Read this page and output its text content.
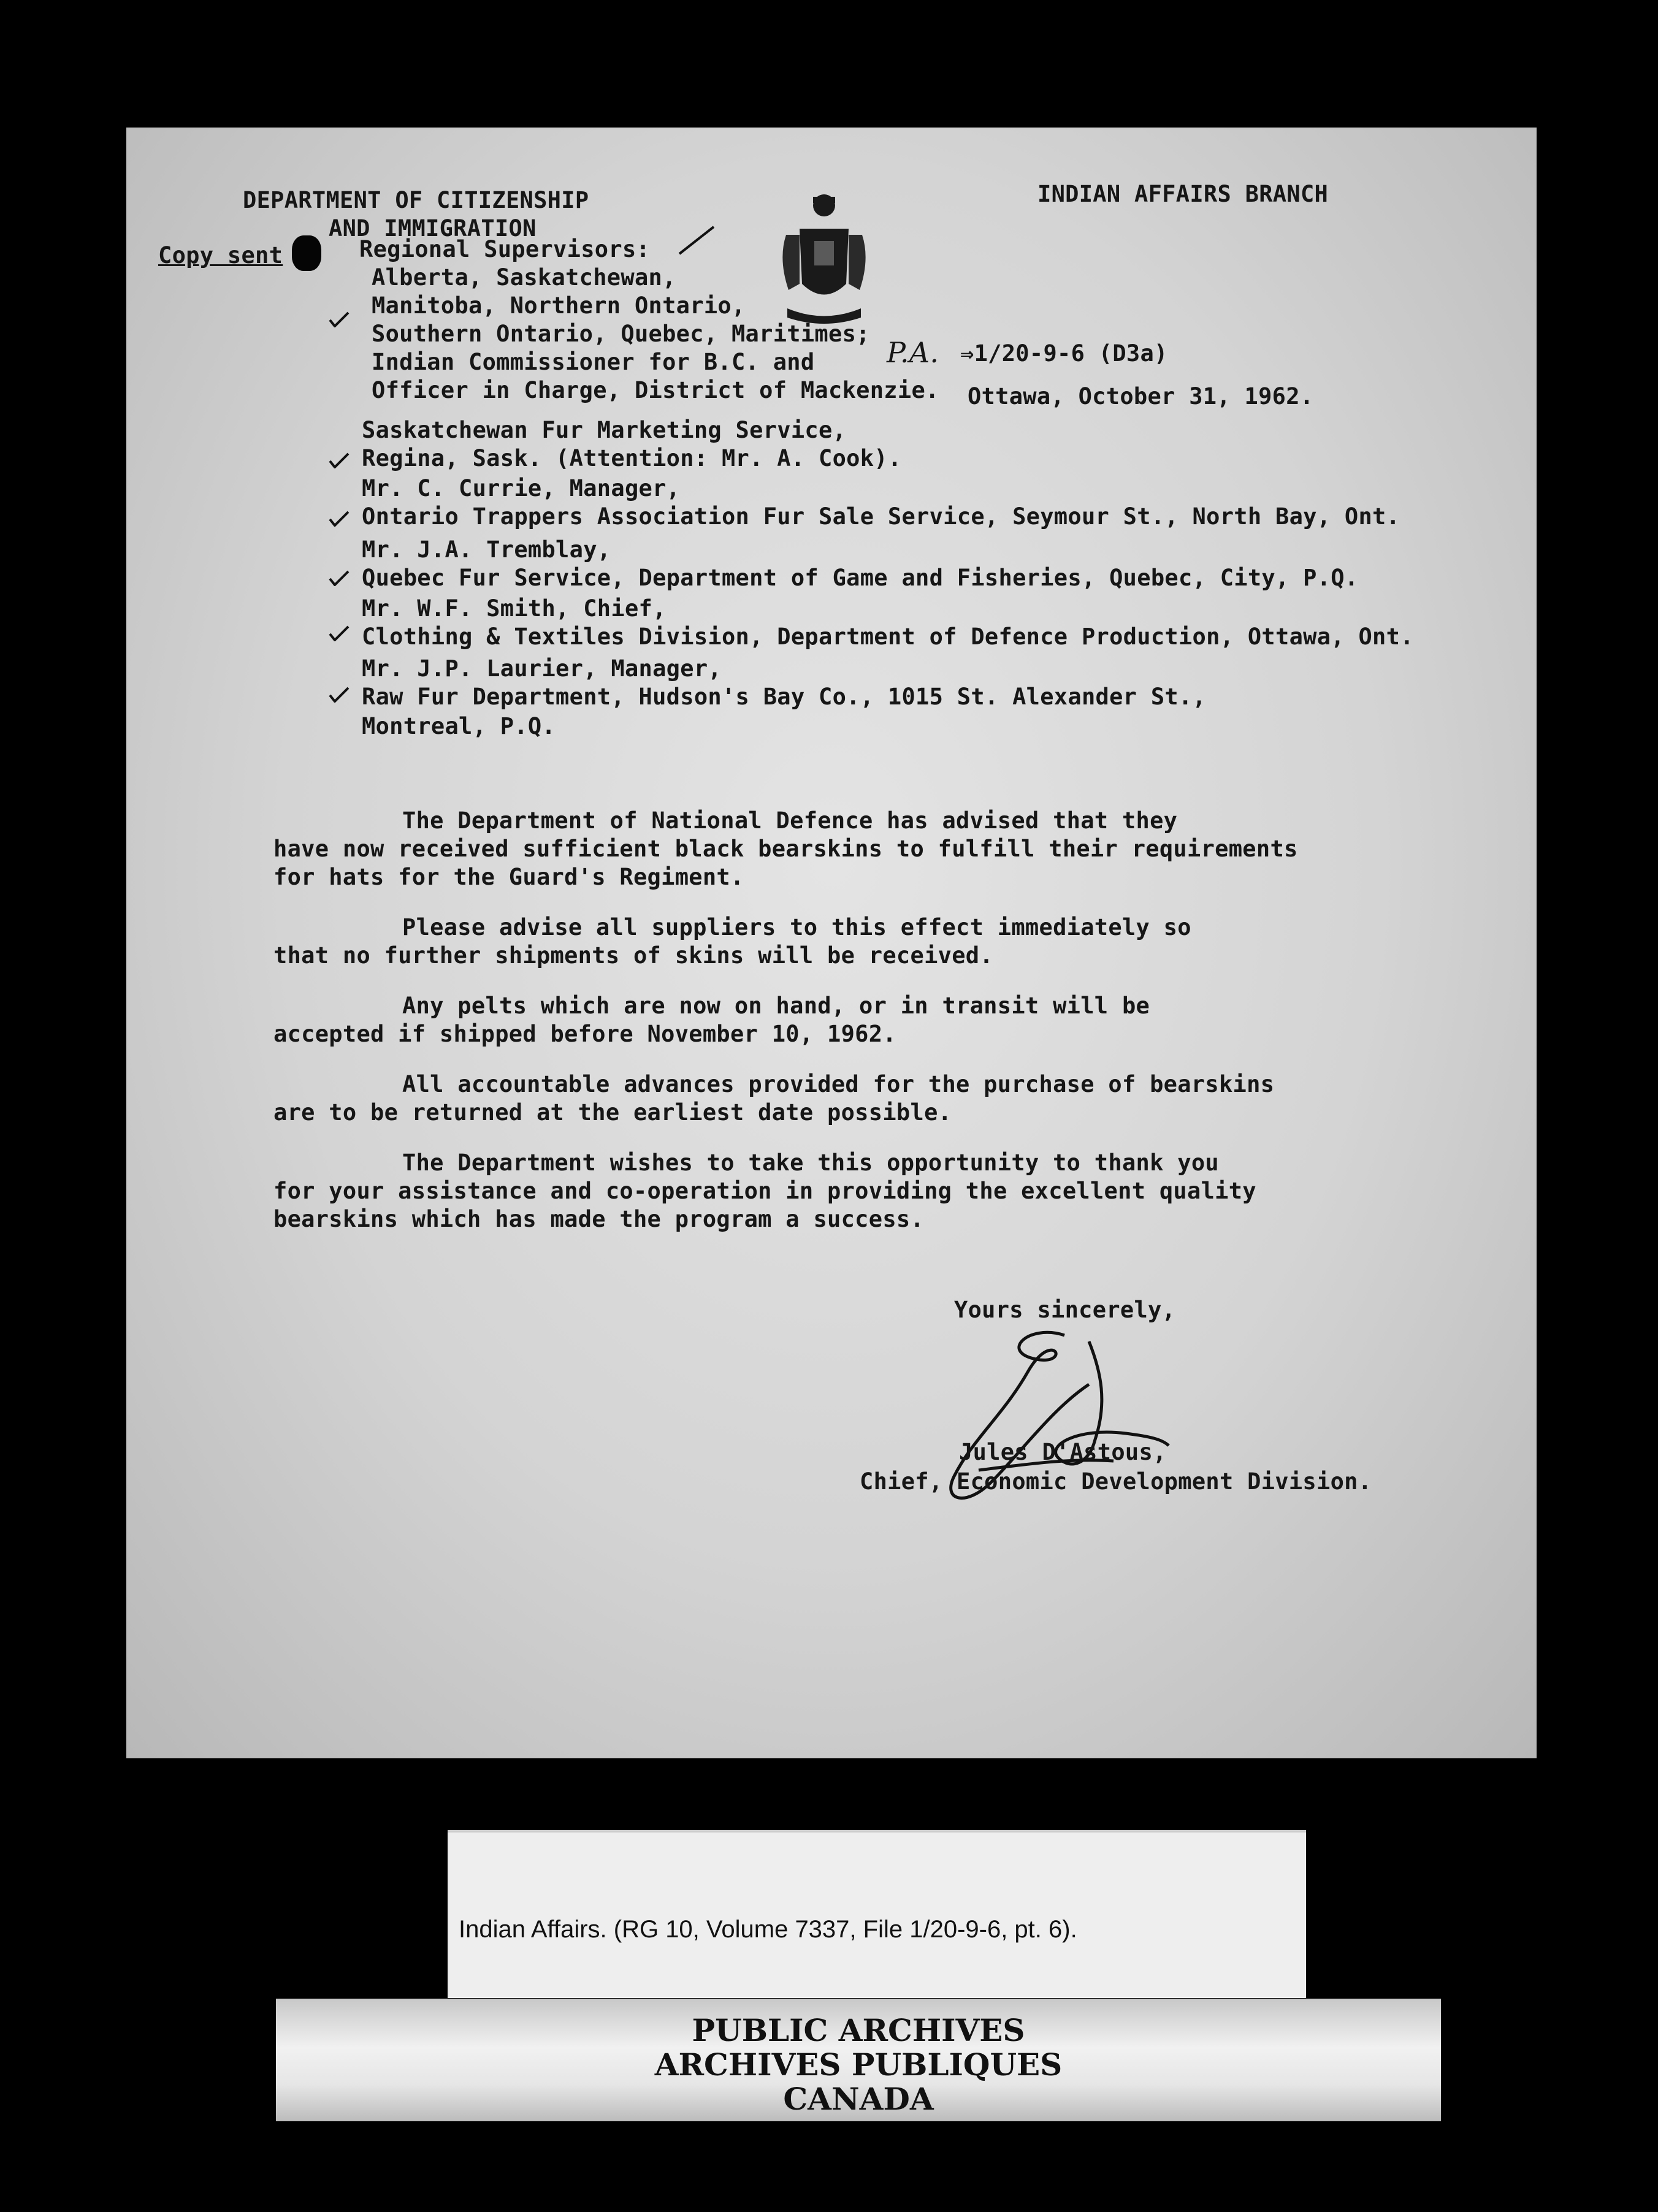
DEPARTMENT OF CITIZENSHIP
AND IMMIGRATION
INDIAN AFFAIRS BRANCH
Copy sent	Regional Supervisors:
Alberta, Saskatchewan,
Manitoba, Northern Ontario,
Southern Ontario, Quebec, Maritimes;
Indian Commissioner for B.C. and
Officer in Charge, District of Mackenzie.
P.A. ⇒1/20-9-6 (D3a)
Ottawa, October 31, 1962.
Saskatchewan Fur Marketing Service,
Regina, Sask. (Attention: Mr. A. Cook).
Mr. C. Currie, Manager,
Ontario Trappers Association Fur Sale Service, Seymour St., North Bay, Ont.
Mr. J.A. Tremblay,
Quebec Fur Service, Department of Game and Fisheries, Quebec, City, P.Q.
Mr. W.F. Smith, Chief,
Clothing & Textiles Division, Department of Defence Production, Ottawa, Ont.
Mr. J.P. Laurier, Manager,
Raw Fur Department, Hudson's Bay Co., 1015 St. Alexander St.,
Montreal, P.Q.
The Department of National Defence has advised that they
have now received sufficient black bearskins to fulfill their requirements
for hats for the Guard's Regiment.
Please advise all suppliers to this effect immediately so
that no further shipments of skins will be received.
Any pelts which are now on hand, or in transit will be
accepted if shipped before November 10, 1962.
All accountable advances provided for the purchase of bearskins
are to be returned at the earliest date possible.
The Department wishes to take this opportunity to thank you
for your assistance and co-operation in providing the excellent quality
bearskins which has made the program a success.
Yours sincerely,
Jules D'Astous,
Chief, Economic Development Division.
Indian Affairs. (RG 10, Volume 7337, File 1/20-9-6, pt. 6).
PUBLIC ARCHIVES
ARCHIVES PUBLIQUES
CANADA
